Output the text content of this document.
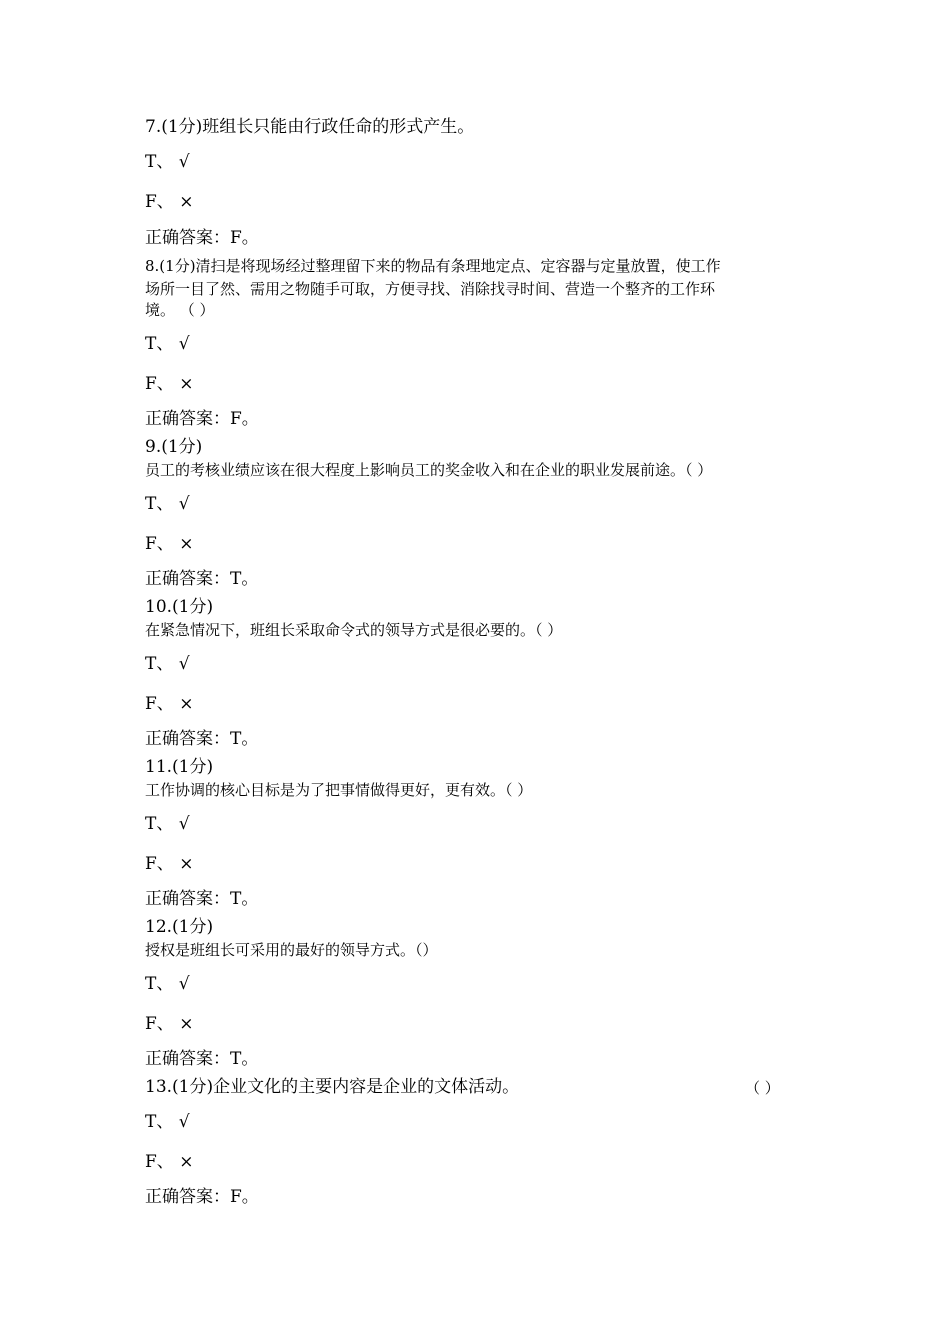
7.(1分)班组长只能由行政任命的形式产生。
T、 √
F、 ×
正确答案：F。
8.(1分)清扫是将现场经过整理留下来的物品有条理地定点、定容器与定量放置，使工作
场所一目了然、需用之物随手可取，方便寻找、消除找寻时间、营造一个整齐的工作环
境。 （ ）
T、 √
F、 ×
正确答案：F。
9.(1分)
员工的考核业绩应该在很大程度上影响员工的奖金收入和在企业的职业发展前途。（ ）
T、 √
F、 ×
正确答案：T。
10.(1分)
在紧急情况下，班组长采取命令式的领导方式是很必要的。（ ）
T、 √
F、 ×
正确答案：T。
11.(1分)
工作协调的核心目标是为了把事情做得更好，更有效。（ ）
T、 √
F、 ×
正确答案：T。
12.(1分)
授权是班组长可采用的最好的领导方式。（）
T、 √
F、 ×
正确答案：T。
13.(1分)企业文化的主要内容是企业的文体活动。	（ ）
T、 √
F、 ×
正确答案：F。
